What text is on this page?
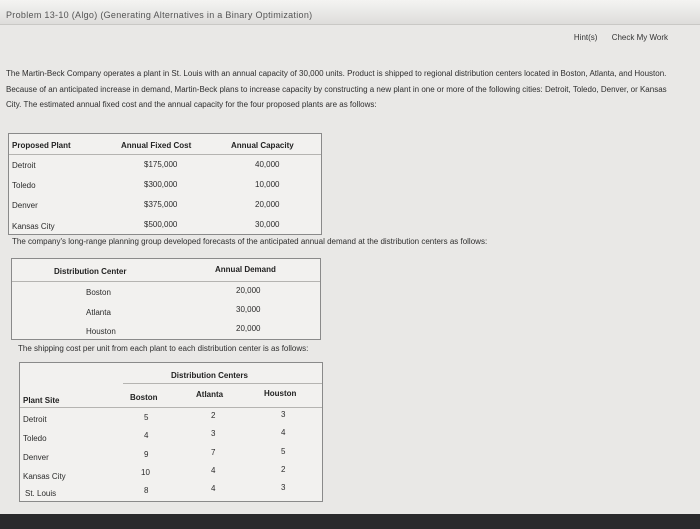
Problem 13-10 (Algo) (Generating Alternatives in a Binary Optimization)
Hint(s) Check My Work
The Martin-Beck Company operates a plant in St. Louis with an annual capacity of 30,000 units. Product is shipped to regional distribution centers located in Boston, Atlanta, and Houston. Because of an anticipated increase in demand, Martin-Beck plans to increase capacity by constructing a new plant in one or more of the following cities: Detroit, Toledo, Denver, or Kansas City. The estimated annual fixed cost and the annual capacity for the four proposed plants are as follows:
Proposed Plant	Annual Fixed Cost	Annual Capacity
Detroit	$175,000	40,000
Toledo	$300,000	10,000
Denver	$375,000	20,000
Kansas City	$500,000	30,000
The company's long-range planning group developed forecasts of the anticipated annual demand at the distribution centers as follows:
Distribution Center	Annual Demand
Boston	20,000
Atlanta	30,000
Houston	20,000
The shipping cost per unit from each plant to each distribution center is as follows:
Distribution Centers
Plant Site	Boston	Atlanta	Houston
Detroit	5	2	3
Toledo	4	3	4
Denver	9	7	5
Kansas City	10	4	2
St. Louis	8	4	3
